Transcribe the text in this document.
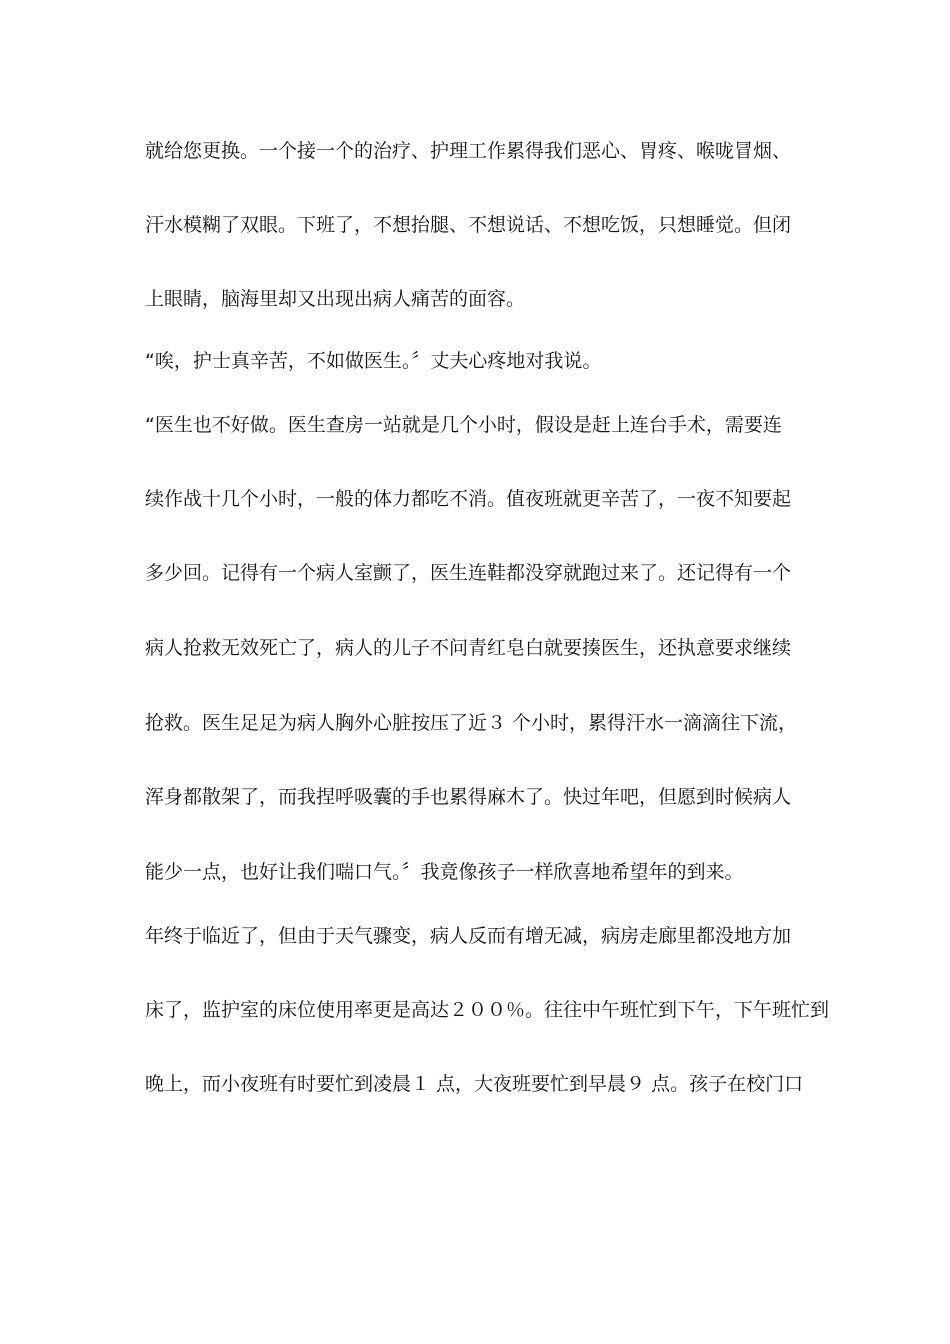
就给您更换。一个接一个的治疗、护理工作累得我们恶心、胃疼、喉咙冒烟、
汗水模糊了双眼。下班了，不想抬腿、不想说话、不想吃饭，只想睡觉。但闭
上眼睛，脑海里却又出现出病人痛苦的面容。
“唉，护士真辛苦，不如做医生。〞丈夫心疼地对我说。
“医生也不好做。医生查房一站就是几个小时，假设是赶上连台手术，需要连
续作战十几个小时，一般的体力都吃不消。值夜班就更辛苦了，一夜不知要起
多少回。记得有一个病人室颤了，医生连鞋都没穿就跑过来了。还记得有一个
病人抢救无效死亡了，病人的儿子不问青红皂白就要揍医生，还执意要求继续
抢救。医生足足为病人胸外心脏按压了近３ 个小时，累得汗水一滴滴往下流，
浑身都散架了，而我捏呼吸囊的手也累得麻木了。快过年吧，但愿到时候病人
能少一点，也好让我们喘口气。〞我竟像孩子一样欣喜地希望年的到来。
年终于临近了，但由于天气骤变，病人反而有增无减，病房走廊里都没地方加
床了，监护室的床位使用率更是高达２００％。往往中午班忙到下午，下午班忙到
晚上，而小夜班有时要忙到凌晨１ 点，大夜班要忙到早晨９ 点。孩子在校门口
